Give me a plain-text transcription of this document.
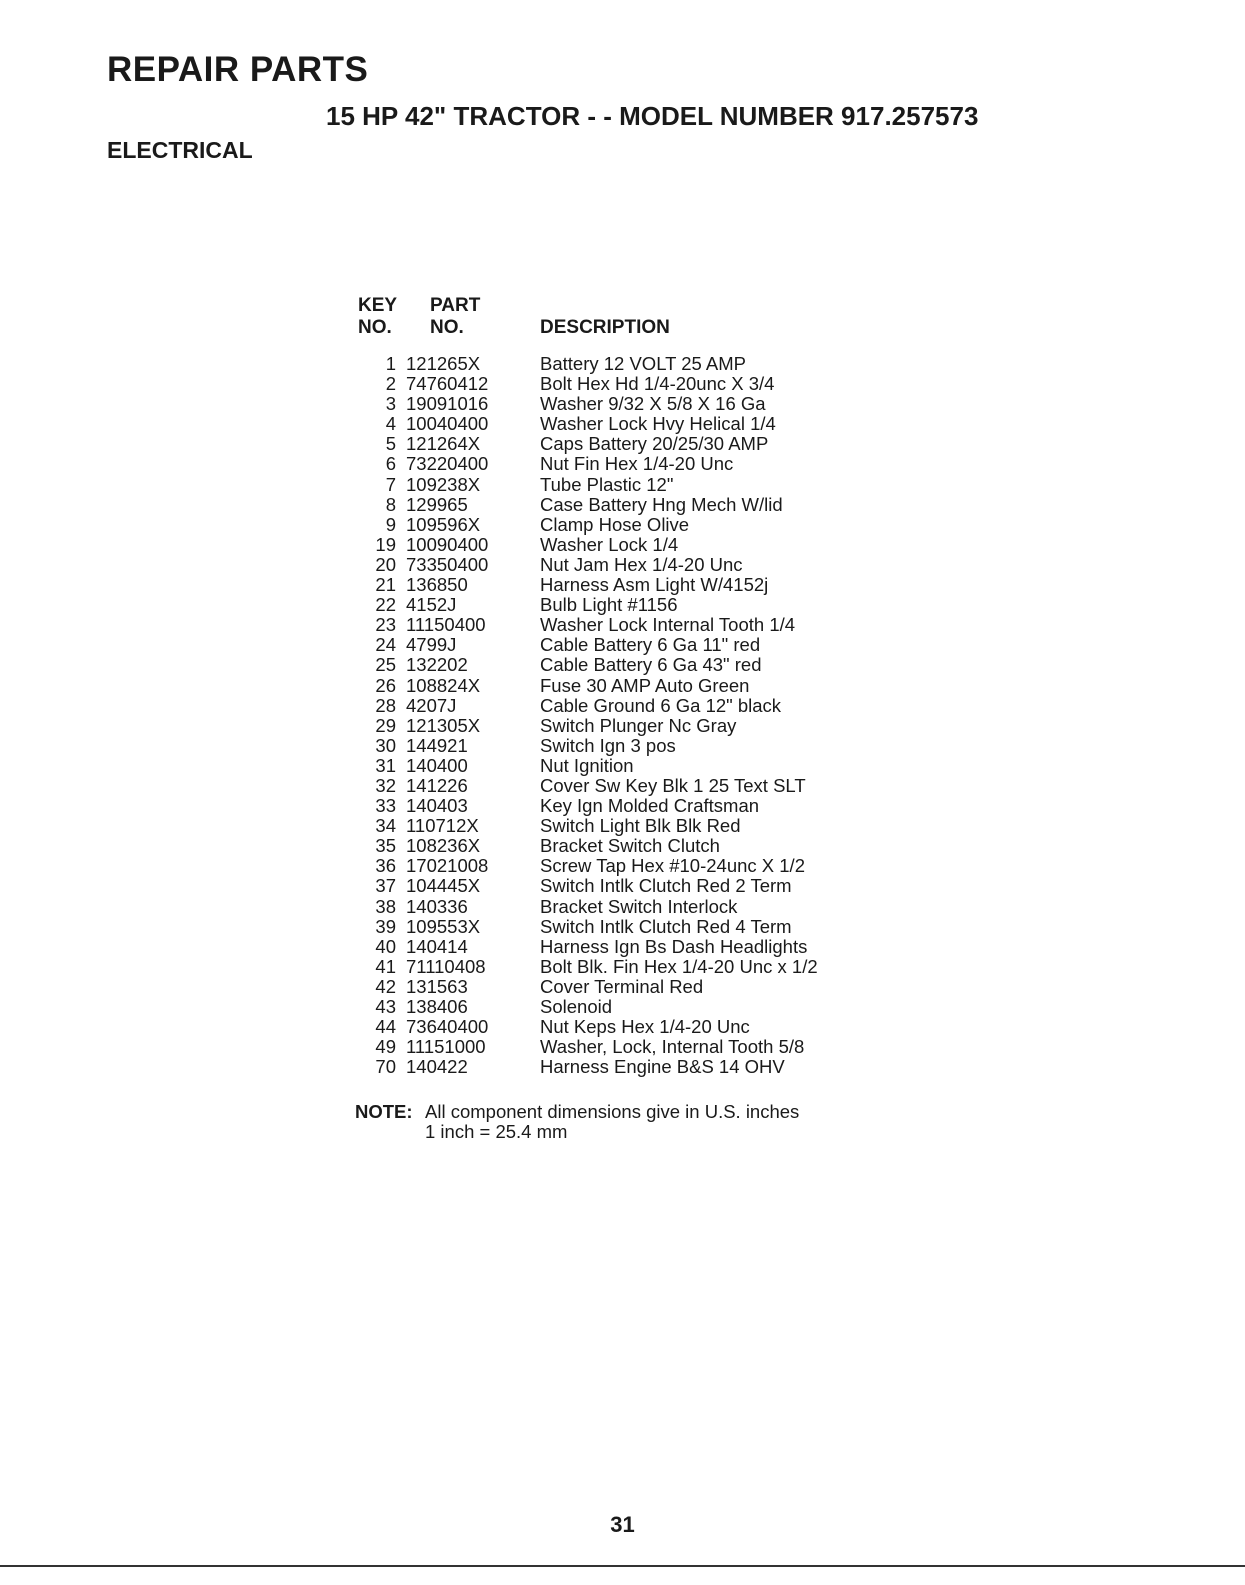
REPAIR PARTS
15 HP 42" TRACTOR - - MODEL NUMBER 917.257573
ELECTRICAL
KEY	PART
NO.	NO.	DESCRIPTION
1 121265X	Battery 12 VOLT 25 AMP
2 74760412	Bolt Hex Hd 1/4-20unc X 3/4
3 19091016	Washer 9/32 X 5/8 X 16 Ga
4 10040400	Washer Lock Hvy Helical 1/4
5 121264X	Caps Battery 20/25/30 AMP
6 73220400	Nut Fin Hex 1/4-20 Unc
7 109238X	Tube Plastic 12"
8 129965	Case Battery Hng Mech W/lid
9 109596X	Clamp Hose Olive
19 10090400	Washer Lock 1/4
20 73350400	Nut Jam Hex 1/4-20 Unc
21 136850	Harness Asm Light W/4152j
22 4152J	Bulb Light #1156
23 11150400	Washer Lock Internal Tooth 1/4
24 4799J	Cable Battery 6 Ga 11" red
25 132202	Cable Battery 6 Ga 43" red
26 108824X	Fuse 30 AMP Auto Green
28 4207J	Cable Ground 6 Ga 12" black
29 121305X	Switch Plunger Nc Gray
30 144921	Switch Ign 3 pos
31 140400	Nut Ignition
32 141226	Cover Sw Key Blk 1 25 Text SLT
33 140403	Key Ign Molded Craftsman
34 110712X	Switch Light Blk Blk Red
35 108236X	Bracket Switch Clutch
36 17021008	Screw Tap Hex #10-24unc X 1/2
37 104445X	Switch Intlk Clutch Red 2 Term
38 140336	Bracket Switch Interlock
39 109553X	Switch Intlk Clutch Red 4 Term
40 140414	Harness Ign Bs Dash Headlights
41 71110408	Bolt Blk. Fin Hex 1/4-20 Unc x 1/2
42 131563	Cover Terminal Red
43 138406	Solenoid
44 73640400	Nut Keps Hex 1/4-20 Unc
49 11151000	Washer, Lock, Internal Tooth 5/8
70 140422	Harness Engine B&S 14 OHV
NOTE: All component dimensions give in U.S. inches
1 inch = 25.4 mm
31
